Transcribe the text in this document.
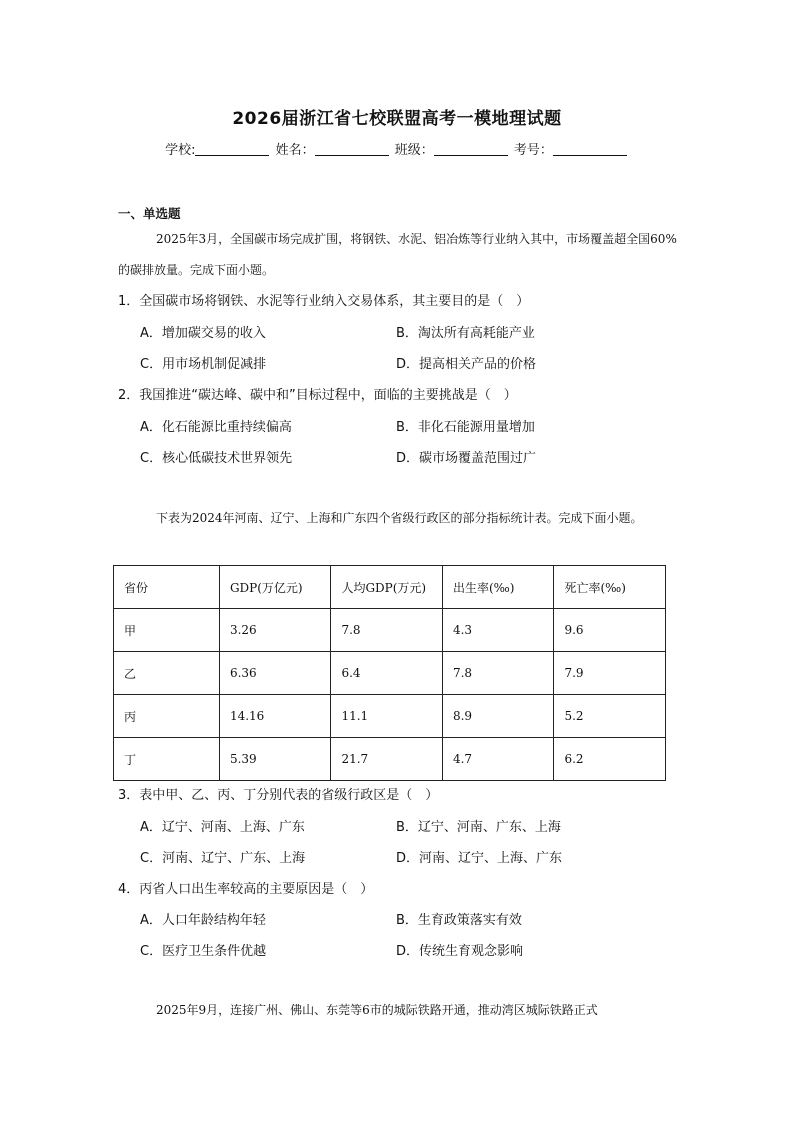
2026届浙江省七校联盟高考一模地理试题
学校:	姓名：	班级：	考号：
一、单选题
2025年3月，全国碳市场完成扩围，将钢铁、水泥、铝冶炼等行业纳入其中，市场覆盖超全国60%的碳排放量。完成下面小题。
1．全国碳市场将钢铁、水泥等行业纳入交易体系，其主要目的是（　）
A．增加碳交易的收入	B．淘汰所有高耗能产业
C．用市场机制促减排	D．提高相关产品的价格
2．我国推进“碳达峰、碳中和”目标过程中，面临的主要挑战是（　）
A．化石能源比重持续偏高	B．非化石能源用量增加
C．核心低碳技术世界领先	D．碳市场覆盖范围过广
下表为2024年河南、辽宁、上海和广东四个省级行政区的部分指标统计表。完成下面小题。
省份	GDP(万亿元)	人均GDP(万元)	出生率(‰)	死亡率(‰)
甲	3.26	7.8	4.3	9.6
乙	6.36	6.4	7.8	7.9
丙	14.16	11.1	8.9	5.2
丁	5.39	21.7	4.7	6.2
3．表中甲、乙、丙、丁分别代表的省级行政区是（　）
A．辽宁、河南、上海、广东	B．辽宁、河南、广东、上海
C．河南、辽宁、广东、上海	D．河南、辽宁、上海、广东
4．丙省人口出生率较高的主要原因是（　）
A．人口年龄结构年轻	B．生育政策落实有效
C．医疗卫生条件优越	D．传统生育观念影响
2025年9月，连接广州、佛山、东莞等6市的城际铁路开通，推动湾区城际铁路正式
